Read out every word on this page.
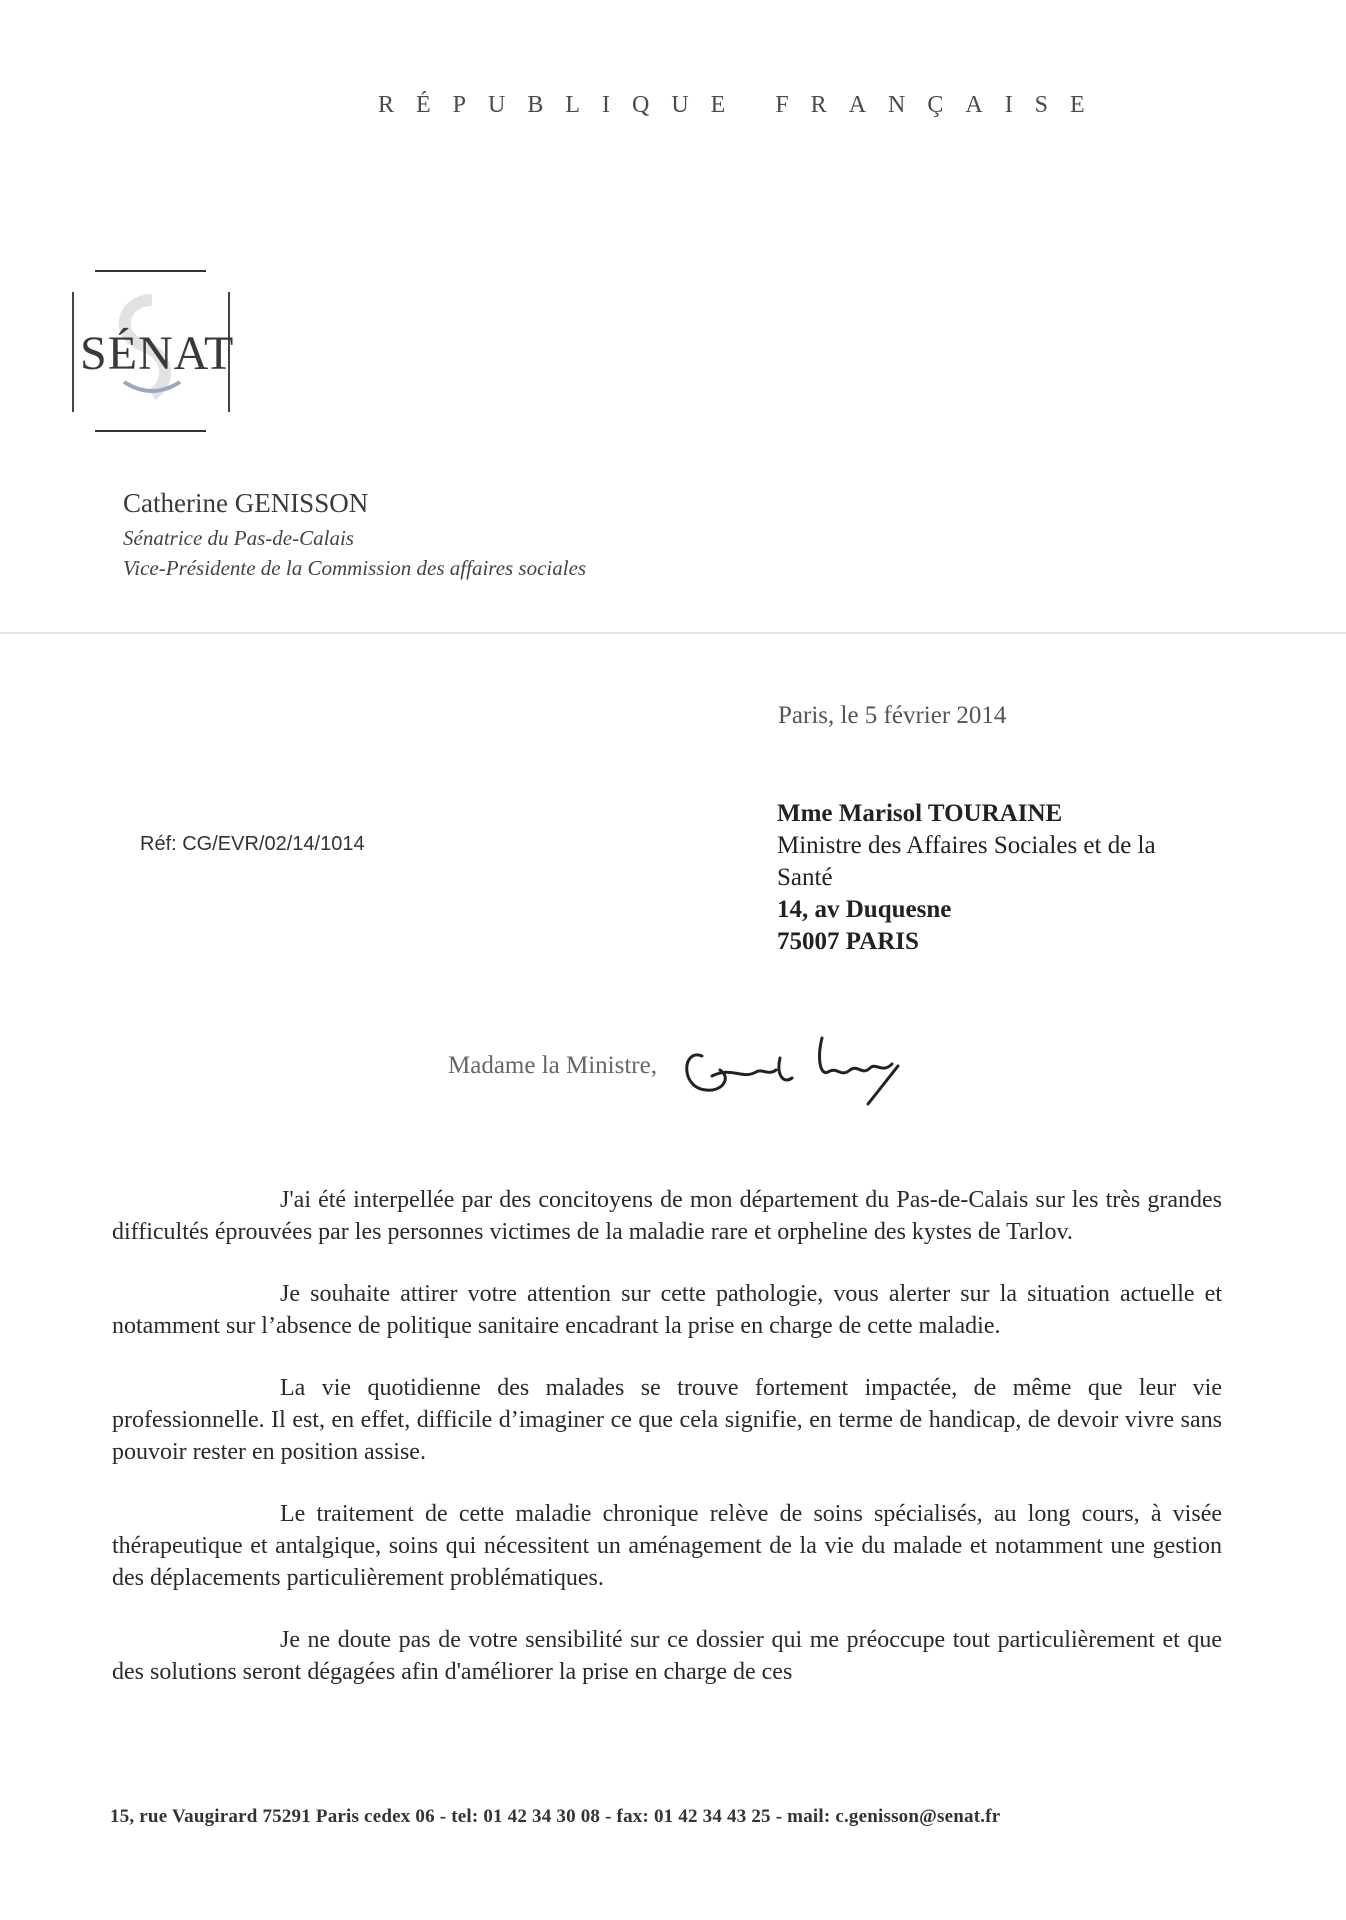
RÉPUBLIQUE FRANÇAISE
SÉNAT
Catherine GENISSON
Sénatrice du Pas-de-Calais
Vice-Présidente de la Commission des affaires sociales
Paris, le 5 février 2014
Réf: CG/EVR/02/14/1014
Mme Marisol TOURAINE
Ministre des Affaires Sociales et de la
Santé
14, av Duquesne
75007 PARIS
Madame la Ministre,

J'ai été interpellée par des concitoyens de mon département du Pas-de-Calais sur les très grandes difficultés éprouvées par les personnes victimes de la maladie rare et orpheline des kystes de Tarlov.

Je souhaite attirer votre attention sur cette pathologie, vous alerter sur la situation actuelle et notamment sur l’absence de politique sanitaire encadrant la prise en charge de cette maladie.

La vie quotidienne des malades se trouve fortement impactée, de même que leur vie professionnelle. Il est, en effet, difficile d’imaginer ce que cela signifie, en terme de handicap, de devoir vivre sans pouvoir rester en position assise.

Le traitement de cette maladie chronique relève de soins spécialisés, au long cours, à visée thérapeutique et antalgique, soins qui nécessitent un aménagement de la vie du malade et notamment une gestion des déplacements particulièrement problématiques.

Je ne doute pas de votre sensibilité sur ce dossier qui me préoccupe tout particulièrement et que des solutions seront dégagées afin d'améliorer la prise en charge de ces

15, rue Vaugirard 75291 Paris cedex 06 - tel: 01 42 34 30 08 - fax: 01 42 34 43 25 - mail: c.genisson@senat.fr
